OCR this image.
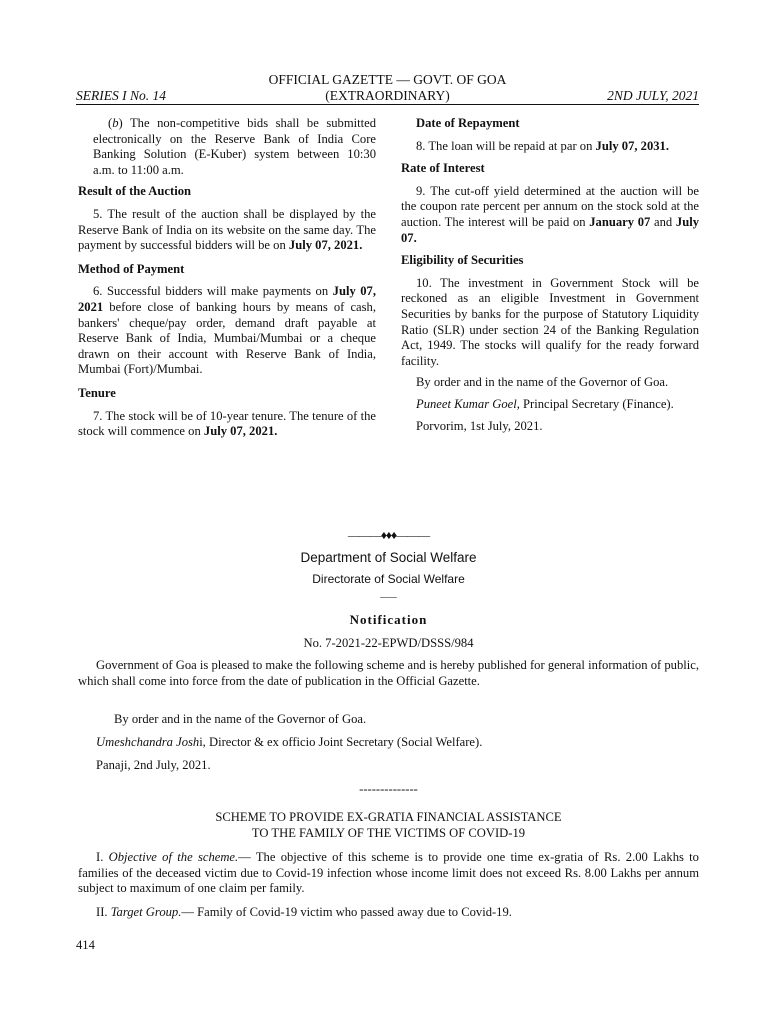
OFFICIAL GAZETTE — GOVT. OF GOA
(EXTRAORDINARY)
SERIES I No. 14	2ND JULY, 2021

(b) The non-competitive bids shall be submitted electronically on the Reserve Bank of India Core Banking Solution (E-Kuber) system between 10:30 a.m. to 11:00 a.m.

Result of the Auction

5. The result of the auction shall be displayed by the Reserve Bank of India on its website on the same day. The payment by successful bidders will be on July 07, 2021.

Method of Payment

6. Successful bidders will make payments on July 07, 2021 before close of banking hours by means of cash, bankers' cheque/pay order, demand draft payable at Reserve Bank of India, Mumbai/Mumbai or a cheque drawn on their account with Reserve Bank of India, Mumbai (Fort)/Mumbai.

Tenure

7. The stock will be of 10-year tenure. The tenure of the stock will commence on July 07, 2021.

Date of Repayment

8. The loan will be repaid at par on July 07, 2031.

Rate of Interest

9. The cut-off yield determined at the auction will be the coupon rate percent per annum on the stock sold at the auction. The interest will be paid on January 07 and July 07.

Eligibility of Securities

10. The investment in Government Stock will be reckoned as an eligible Investment in Government Securities by banks for the purpose of Statutory Liquidity Ratio (SLR) under section 24 of the Banking Regulation Act, 1949. The stocks will qualify for the ready forward facility.

By order and in the name of the Governor of Goa.

Puneet Kumar Goel, Principal Secretary (Finance).

Porvorim, 1st July, 2021.

———♦♦♦———
Department of Social Welfare
Directorate of Social Welfare
___
Notification
No. 7-2021-22-EPWD/DSSS/984

Government of Goa is pleased to make the following scheme and is hereby published for general information of public, which shall come into force from the date of publication in the Official Gazette.

By order and in the name of the Governor of Goa.

Umeshchandra Joshi, Director & ex officio Joint Secretary (Social Welfare).

Panaji, 2nd July, 2021.

--------------

SCHEME TO PROVIDE EX-GRATIA FINANCIAL ASSISTANCE

TO THE FAMILY OF THE VICTIMS OF COVID-19

I. Objective of the scheme.— The objective of this scheme is to provide one time ex-gratia of Rs. 2.00 Lakhs to families of the deceased victim due to Covid-19 infection whose income limit does not exceed Rs. 8.00 Lakhs per annum subject to maximum of one claim per family.

II. Target Group.— Family of Covid-19 victim who passed away due to Covid-19.

414
